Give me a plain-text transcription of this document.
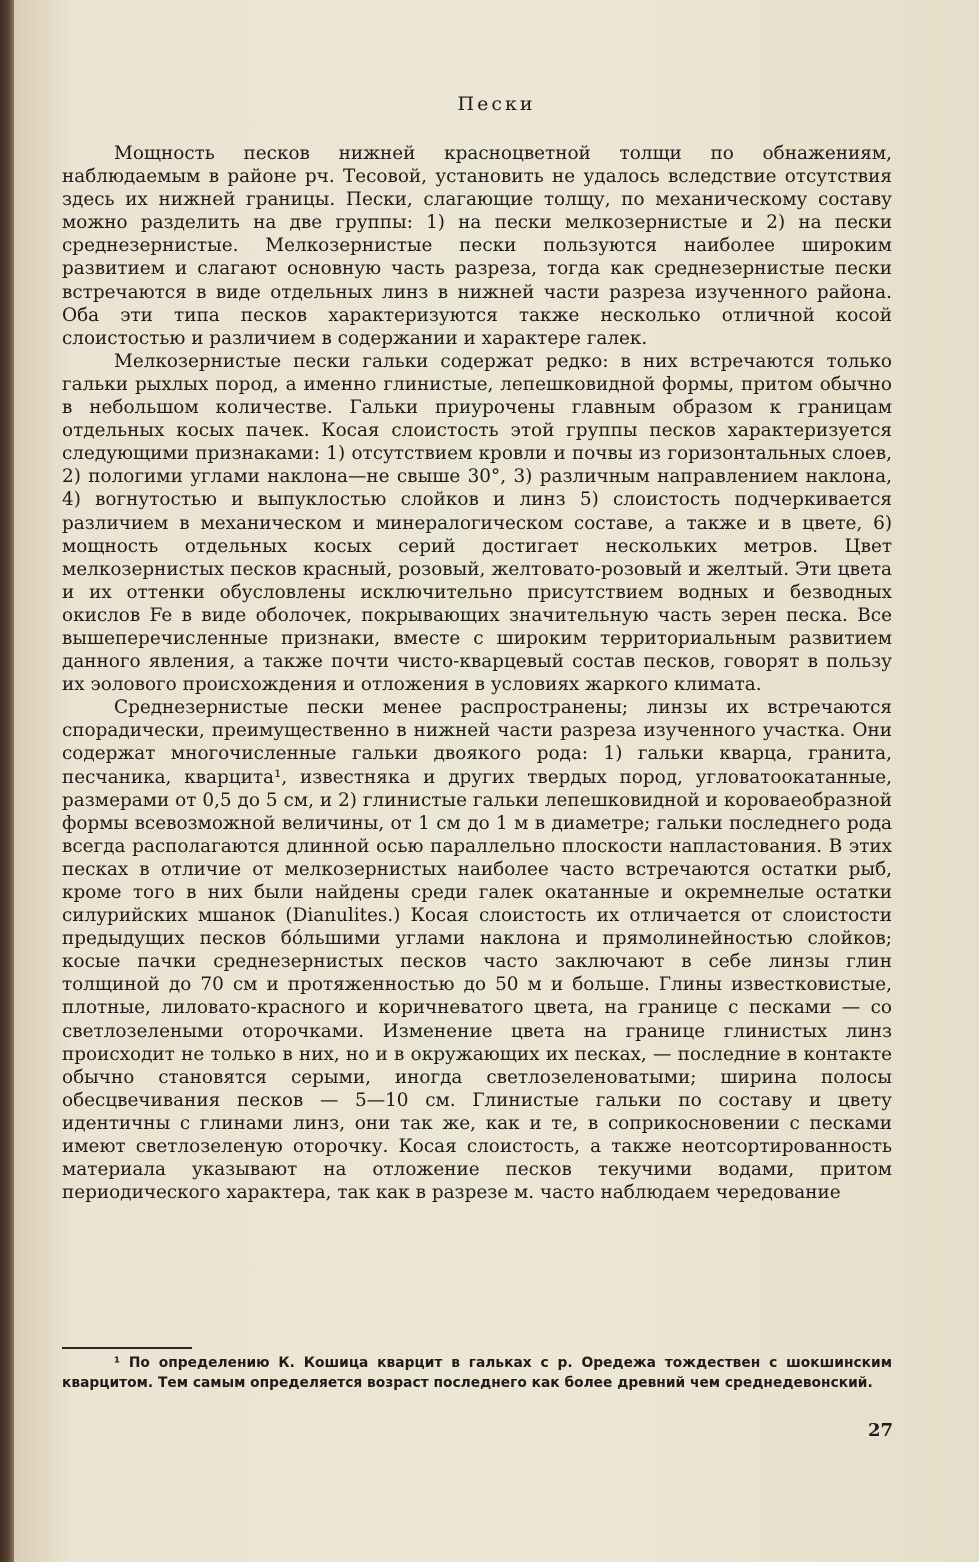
Пески

Мощность песков нижней красноцветной толщи по обнажениям, наблюдаемым в районе рч. Тесовой, установить не удалось вследствие отсутствия здесь их нижней границы. Пески, слагающие толщу, по механическому составу можно разделить на две группы: 1) на пески мелкозернистые и 2) на пески среднезернистые. Мелкозернистые пески пользуются наиболее широким развитием и слагают основную часть разреза, тогда как среднезернистые пески встречаются в виде отдельных линз в нижней части разреза изученного района. Оба эти типа песков характеризуются также несколько отличной косой слоистостью и различием в содержании и характере галек.

Мелкозернистые пески гальки содержат редко: в них встречаются только гальки рыхлых пород, а именно глинистые, лепешковидной формы, притом обычно в небольшом количестве. Гальки приурочены главным образом к границам отдельных косых пачек. Косая слоистость этой группы песков характеризуется следующими признаками: 1) отсутствием кровли и почвы из горизонтальных слоев, 2) пологими углами наклона—не свыше 30°, 3) различным направлением наклона, 4) вогнутостью и выпуклостью слойков и линз 5) слоистость подчеркивается различием в механическом и минералогическом составе, а также и в цвете, 6) мощность отдельных косых серий достигает нескольких метров. Цвет мелкозернистых песков красный, розовый, желтовато-розовый и желтый. Эти цвета и их оттенки обусловлены исключительно присутствием водных и безводных окислов Fe в виде оболочек, покрывающих значительную часть зерен песка. Все вышеперечисленные признаки, вместе с широким территориальным развитием данного явления, а также почти чисто-кварцевый состав песков, говорят в пользу их эолового происхождения и отложения в условиях жаркого климата.

Среднезернистые пески менее распространены; линзы их встречаются спорадически, преимущественно в нижней части разреза изученного участка. Они содержат многочисленные гальки двоякого рода: 1) гальки кварца, гранита, песчаника, кварцита¹, известняка и других твердых пород, угловатоокатанные, размерами от 0,5 до 5 см, и 2) глинистые гальки лепешковидной и короваеобразной формы всевозможной величины, от 1 см до 1 м в диаметре; гальки последнего рода всегда располагаются длинной осью параллельно плоскости напластования. В этих песках в отличие от мелкозернистых наиболее часто встречаются остатки рыб, кроме того в них были найдены среди галек окатанные и окремнелые остатки силурийских мшанок (Dianulites.) Косая слоистость их отличается от слоистости предыдущих песков бо́льшими углами наклона и прямолинейностью слойков; косые пачки среднезернистых песков часто заключают в себе линзы глин толщиной до 70 см и протяженностью до 50 м и больше. Глины известковистые, плотные, лиловато-красного и коричневатого цвета, на границе с песками — со светлозелеными оторочками. Изменение цвета на границе глинистых линз происходит не только в них, но и в окружающих их песках, — последние в контакте обычно становятся серыми, иногда светлозеленоватыми; ширина полосы обесцвечивания песков — 5—10 см. Глинистые гальки по составу и цвету идентичны с глинами линз, они так же, как и те, в соприкосновении с песками имеют светлозеленую оторочку. Косая слоистость, а также неотсортированность материала указывают на отложение песков текучими водами, притом периодического характера, так как в разрезе м. часто наблюдаем чередование

¹ По определению К. Кошица кварцит в гальках с р. Оредежа тождествен с шокшинским кварцитом. Тем самым определяется возраст последнего как более древний чем среднедевонский.

27
